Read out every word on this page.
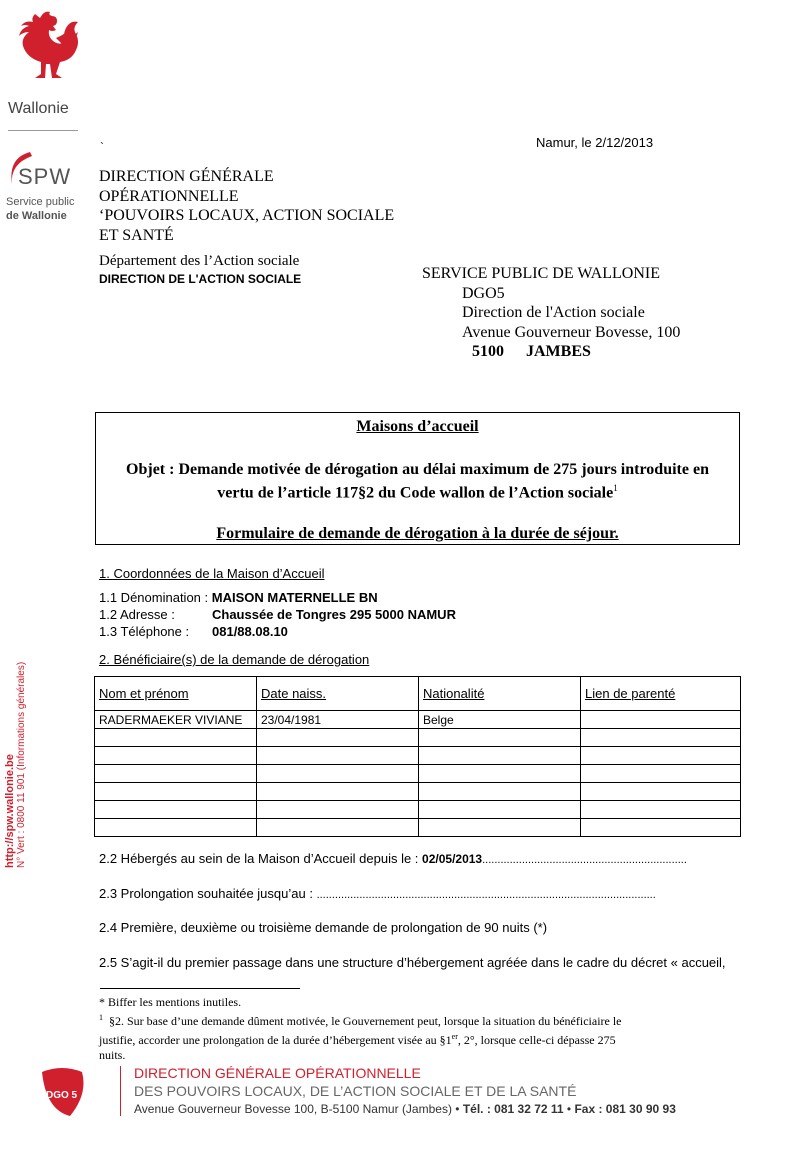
Wallonie
SPW
Service public
de Wallonie
http://spw.wallonie.be N° Vert : 0800 11 901 (Informations générales)
`	Namur, le 2/12/2013
DIRECTION GÉNÉRALE
OPÉRATIONNELLE
‘POUVOIRS LOCAUX, ACTION SOCIALE
ET SANTÉ
Département des l’Action sociale
DIRECTION DE L'ACTION SOCIALE	SERVICE PUBLIC DE WALLONIE
DGO5
Direction de l'Action sociale
Avenue Gouverneur Bovesse, 100
5100 JAMBES
Maisons d’accueil
Objet : Demande motivée de dérogation au délai maximum de 275 jours introduite en
vertu de l’article 117§2 du Code wallon de l’Action sociale$^1$
Formulaire de demande de dérogation à la durée de séjour.
1. Coordonnées de la Maison d’Accueil
1.1 Dénomination : MAISON MATERNELLE BN
1.2 Adresse :	Chaussée de Tongres 295 5000 NAMUR
1.3 Téléphone : 081/88.08.10
2. Bénéficiaire(s) de la demande de dérogation
Nom et prénom	Date naiss.	Nationalité	Lien de parenté
RADERMAEKER VIVIANE	23/04/1981	Belge	

2.2 Hébergés au sein de la Maison d’Accueil depuis le : 02/05/2013...................................................................
2.3 Prolongation souhaitée jusqu’au : ...............................................................................................................
2.4 Première, deuxième ou troisième demande de prolongation de 90 nuits (*)
2.5 S’agit-il du premier passage dans une structure d’hébergement agréée dans le cadre du décret « accueil,
* Biffer les mentions inutiles.
$^1$ §2. Sur base d’une demande dûment motivée, le Gouvernement peut, lorsque la situation du bénéficiaire le
justifie, accorder une prolongation de la durée d’hébergement visée au §1er, 2°, lorsque celle-ci dépasse 275
nuits.
DGO 5
DIRECTION GÉNÉRALE OPÉRATIONNELLE
DES POUVOIRS LOCAUX, DE L’ACTION SOCIALE ET DE LA SANTÉ
Avenue Gouverneur Bovesse 100, B-5100 Namur (Jambes) • Tél. : 081 32 72 11 • Fax : 081 30 90 93
